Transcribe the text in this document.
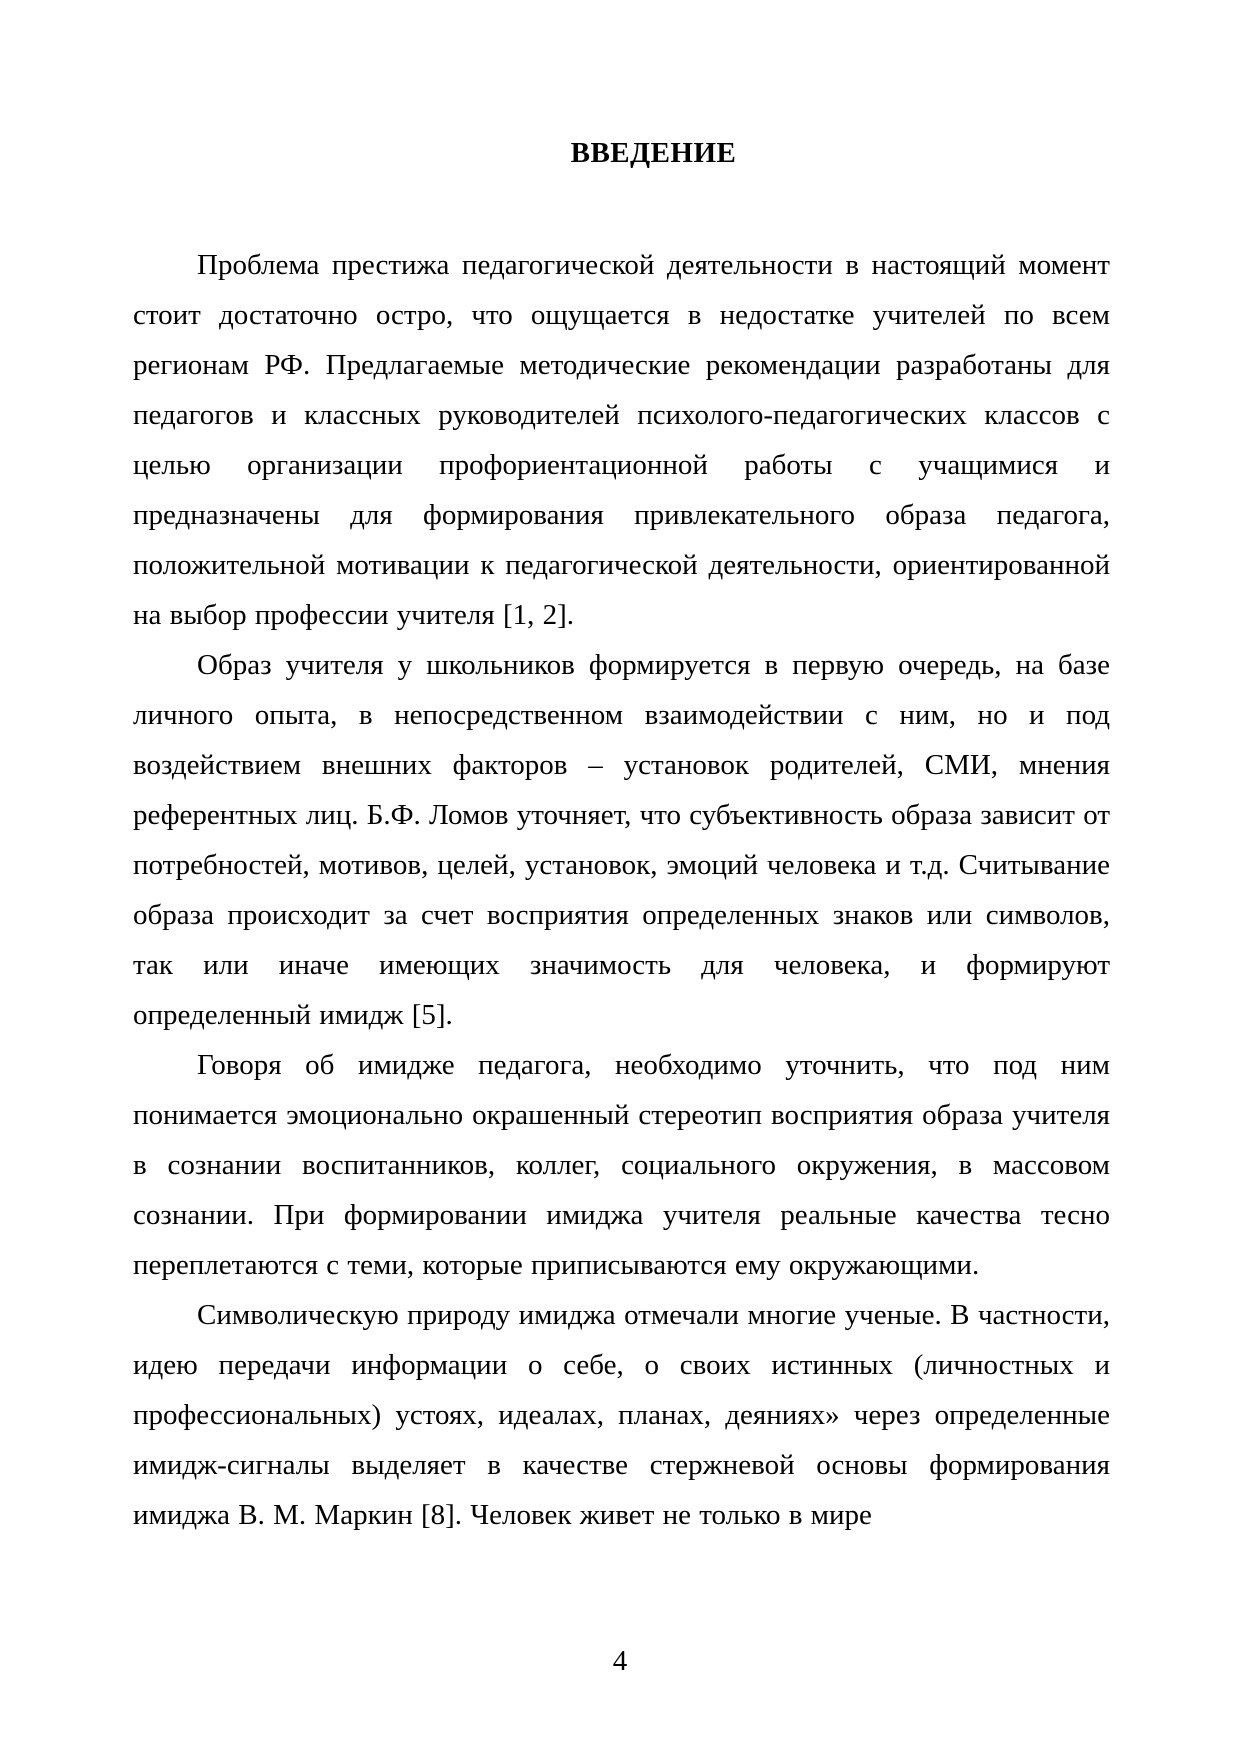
ВВЕДЕНИЕ

Проблема престижа педагогической деятельности в настоящий момент стоит достаточно остро, что ощущается в недостатке учителей по всем регионам РФ. Предлагаемые методические рекомендации разработаны для педагогов и классных руководителей психолого-педагогических классов с целью организации профориентационной работы с учащимися и предназначены для формирования привлекательного образа педагога, положительной мотивации к педагогической деятельности, ориентированной на выбор профессии учителя [1, 2].

Образ учителя у школьников формируется в первую очередь, на базе личного опыта, в непосредственном взаимодействии с ним, но и под воздействием внешних факторов – установок родителей, СМИ, мнения референтных лиц. Б.Ф. Ломов уточняет, что субъективность образа зависит от потребностей, мотивов, целей, установок, эмоций человека и т.д. Считывание образа происходит за счет восприятия определенных знаков или символов, так или иначе имеющих значимость для человека, и формируют определенный имидж [5].

Говоря об имидже педагога, необходимо уточнить, что под ним понимается эмоционально окрашенный стереотип восприятия образа учителя в сознании воспитанников, коллег, социального окружения, в массовом сознании. При формировании имиджа учителя реальные качества тесно переплетаются с теми, которые приписываются ему окружающими.

Символическую природу имиджа отмечали многие ученые. В частности, идею передачи информации о себе, о своих истинных (личностных и профессиональных) устоях, идеалах, планах, деяниях» через определенные имидж-сигналы выделяет в качестве стержневой основы формирования имиджа В. М. Маркин [8]. Человек живет не только в мире

4
